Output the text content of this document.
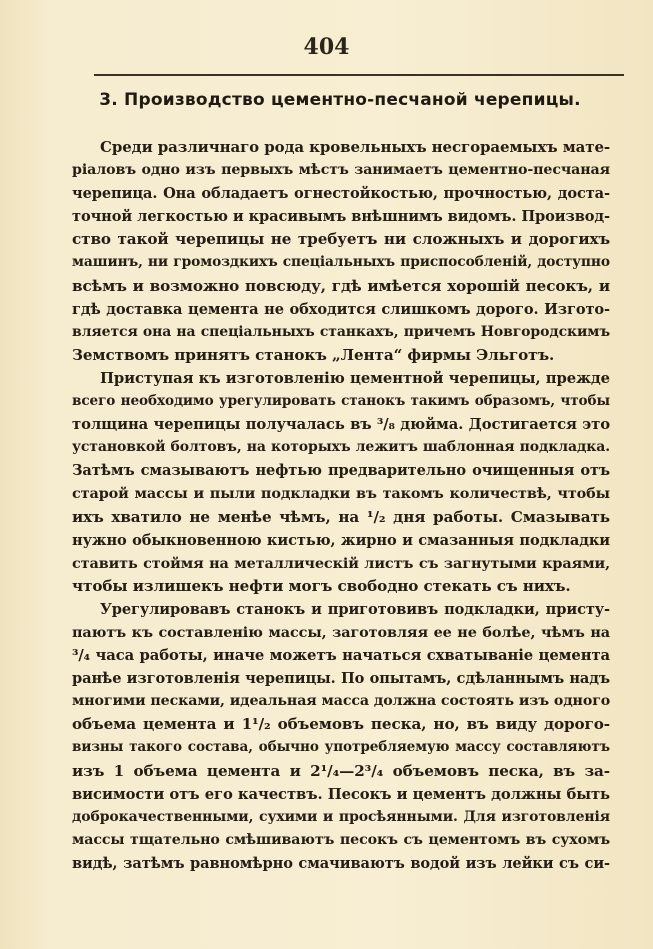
404
3. Производство цементно-песчаной черепицы.
Среди различнаго рода кровельныхъ несгораемыхъ мате-
ріаловъ одно изъ первыхъ мѣстъ занимаетъ цементно-песчаная
черепица. Она обладаетъ огнестойкостью, прочностью, доста-
точной легкостью и красивымъ внѣшнимъ видомъ. Производ-
ство такой черепицы не требуетъ ни сложныхъ и дорогихъ
машинъ, ни громоздкихъ спеціальныхъ приспособленій, доступно
всѣмъ и возможно повсюду, гдѣ имѣется хорошій песокъ, и
гдѣ доставка цемента не обходится слишкомъ дорого. Изгото-
вляется она на спеціальныхъ станкахъ, причемъ Новгородскимъ
Земствомъ принятъ станокъ „Лента“ фирмы Эльготъ.
Приступая къ изготовленію цементной черепицы, прежде
всего необходимо урегулировать станокъ такимъ образомъ, чтобы
толщина черепицы получалась въ ³/₈ дюйма. Достигается это
установкой болтовъ, на которыхъ лежитъ шаблонная подкладка.
Затѣмъ смазываютъ нефтью предварительно очищенныя отъ
старой массы и пыли подкладки въ такомъ количествѣ, чтобы
ихъ хватило не менѣе чѣмъ, на ¹/₂ дня работы. Смазывать
нужно обыкновенною кистью, жирно и смазанныя подкладки
ставить стоймя на металлическій листъ съ загнутыми краями,
чтобы излишекъ нефти могъ свободно стекать съ нихъ.
Урегулировавъ станокъ и приготовивъ подкладки, присту-
паютъ къ составленію массы, заготовляя ее не болѣе, чѣмъ на
³/₄ часа работы, иначе можетъ начаться схватываніе цемента
ранѣе изготовленія черепицы. По опытамъ, сдѣланнымъ надъ
многими песками, идеальная масса должна состоять изъ одного
объема цемента и 1¹/₂ объемовъ песка, но, въ виду дорого-
визны такого состава, обычно употребляемую массу составляютъ
изъ 1 объема цемента и 2¹/₄—2³/₄ объемовъ песка, въ за-
висимости отъ его качествъ. Песокъ и цементъ должны быть
доброкачественными, сухими и просѣянными. Для изготовленія
массы тщательно смѣшиваютъ песокъ съ цементомъ въ сухомъ
видѣ, затѣмъ равномѣрно смачиваютъ водой изъ лейки съ си-
